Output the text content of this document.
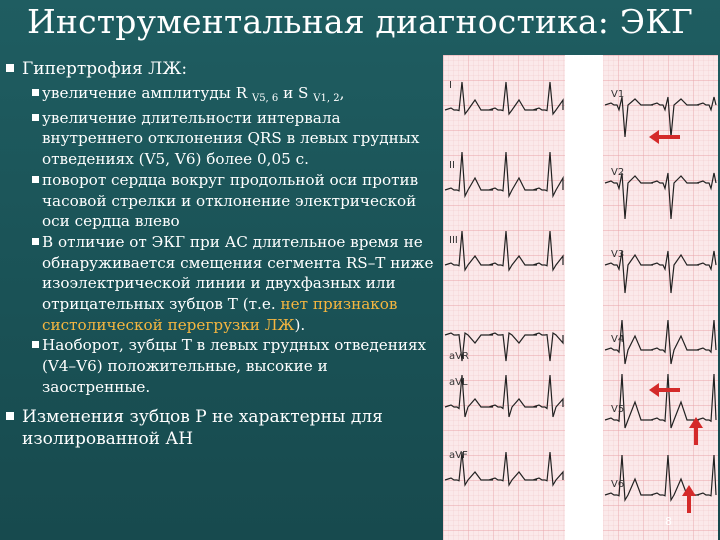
Инструментальная диагностика: ЭКГ
Гипертрофия ЛЖ:
увеличение амплитуды R $_{V5, 6}$ и S $_{V1, 2}$,
увеличение длительности интервала внутреннего отклонения QRS в левых грудных отведениях (V5, V6) более 0,05 с.
поворот сердца вокруг продольной оси против часовой стрелки и отклонение электрической оси сердца влево
В отличие от ЭКГ при АС длительное время не обнаруживается смещения сегмента RS–T ниже изоэлектрической линии и двухфазных или отрицательных зубцов Т (т.е. нет признаков систолической перегрузки ЛЖ).
Наоборот, зубцы Т в левых грудных отведениях (V4–V6) положительные, высокие и заостренные.
Изменения зубцов Р не характерны для изолированной АН
I
II
III
aVR
aVL
aVF
V1
V2
V3
V4
V5
V6
8
